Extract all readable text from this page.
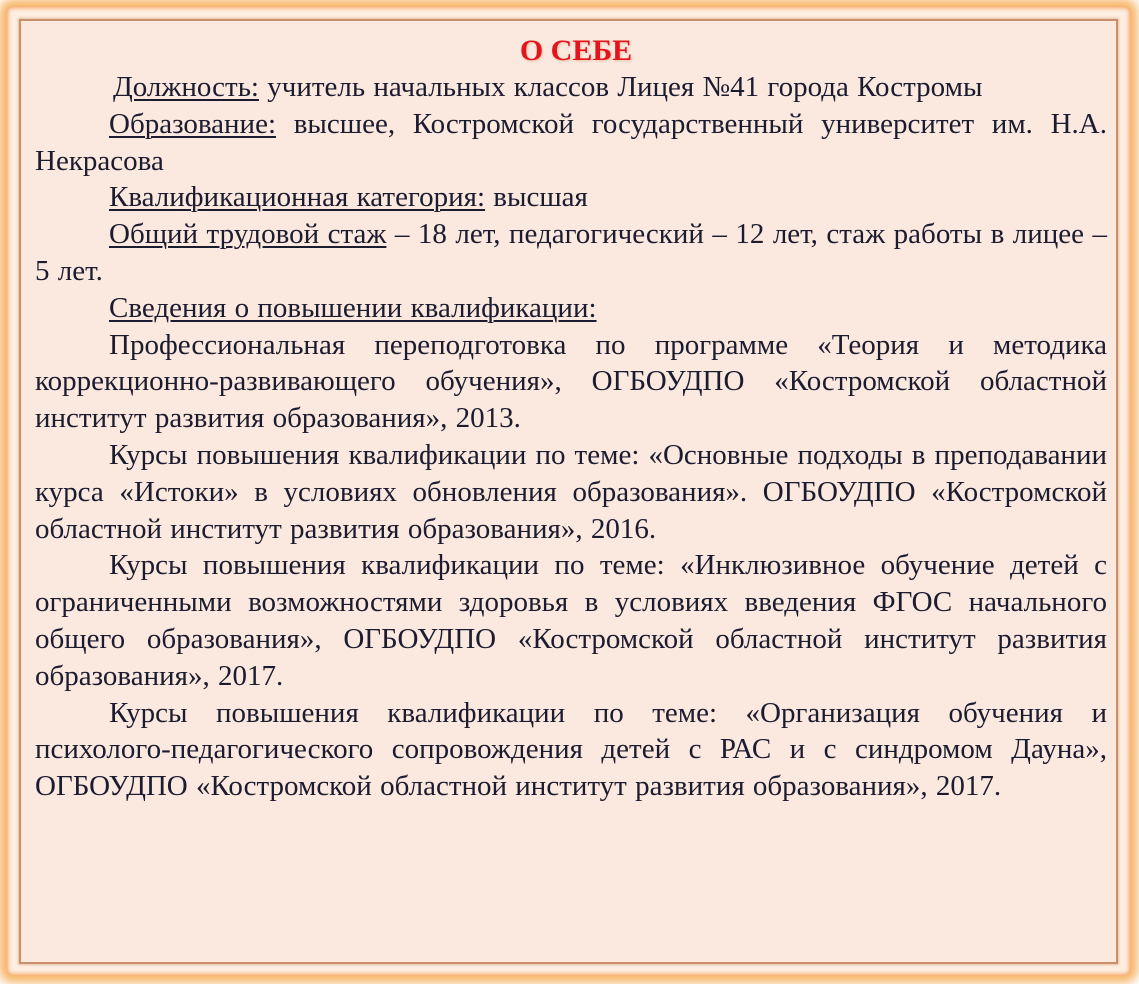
О СЕБЕ

Должность: учитель начальных классов Лицея №41 города Костромы

Образование: высшее, Костромской государственный университет им. Н.А. Некрасова

Квалификационная категория: высшая

Общий трудовой стаж – 18 лет, педагогический – 12 лет, стаж работы в лицее – 5 лет.

Сведения о повышении квалификации:

Профессиональная переподготовка по программе «Теория и методика коррекционно-развивающего обучения», ОГБОУДПО «Костромской областной институт развития образования», 2013.

Курсы повышения квалификации по теме: «Основные подходы в преподавании курса «Истоки» в условиях обновления образования». ОГБОУДПО «Костромской областной институт развития образования», 2016.

Курсы повышения квалификации по теме: «Инклюзивное обучение детей с ограниченными возможностями здоровья в условиях введения ФГОС начального общего образования», ОГБОУДПО «Костромской областной институт развития образования», 2017.

Курсы повышения квалификации по теме: «Организация обучения и психолого-педагогического сопровождения детей с РАС и с синдромом Дауна», ОГБОУДПО «Костромской областной институт развития образования», 2017.
